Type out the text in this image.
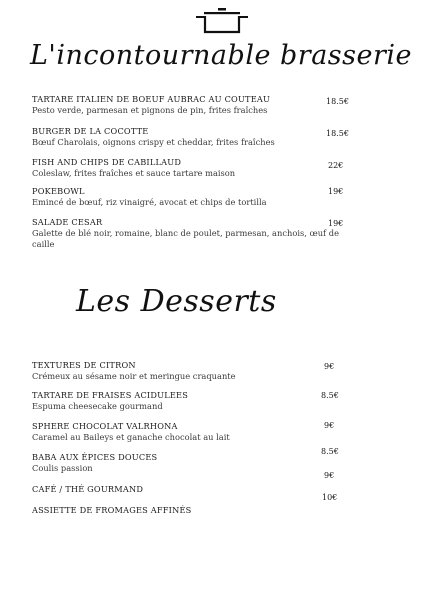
L'incontournable brasserie
TARTARE ITALIEN DE BOEUF AUBRAC AU COUTEAU
Pesto verde, parmesan et pignons de pin, frites fraîches
18.5€
BURGER DE LA COCOTTE
Bœuf Charolais, oignons crispy et cheddar, frites fraîches
18.5€
FISH AND CHIPS DE CABILLAUD
Coleslaw, frites fraîches et sauce tartare maison
22€
POKEBOWL
Emincé de bœuf, riz vinaigré, avocat et chips de tortilla
19€
SALADE CESAR
Galette de blé noir, romaine, blanc de poulet, parmesan, anchois, œuf de caille
19€
Les Desserts
TEXTURES DE CITRON
Crémeux au sésame noir et meringue craquante
TARTARE DE FRAISES ACIDULEES
Espuma cheesecake gourmand
SPHERE CHOCOLAT VALRHONA
Caramel au Baileys et ganache chocolat au lait
BABA AUX ÉPICES DOUCES
Coulis passion
CAFÉ / THÉ GOURMAND
ASSIETTE DE FROMAGES AFFINÉS
9€
8.5€
9€
8.5€
9€
10€
